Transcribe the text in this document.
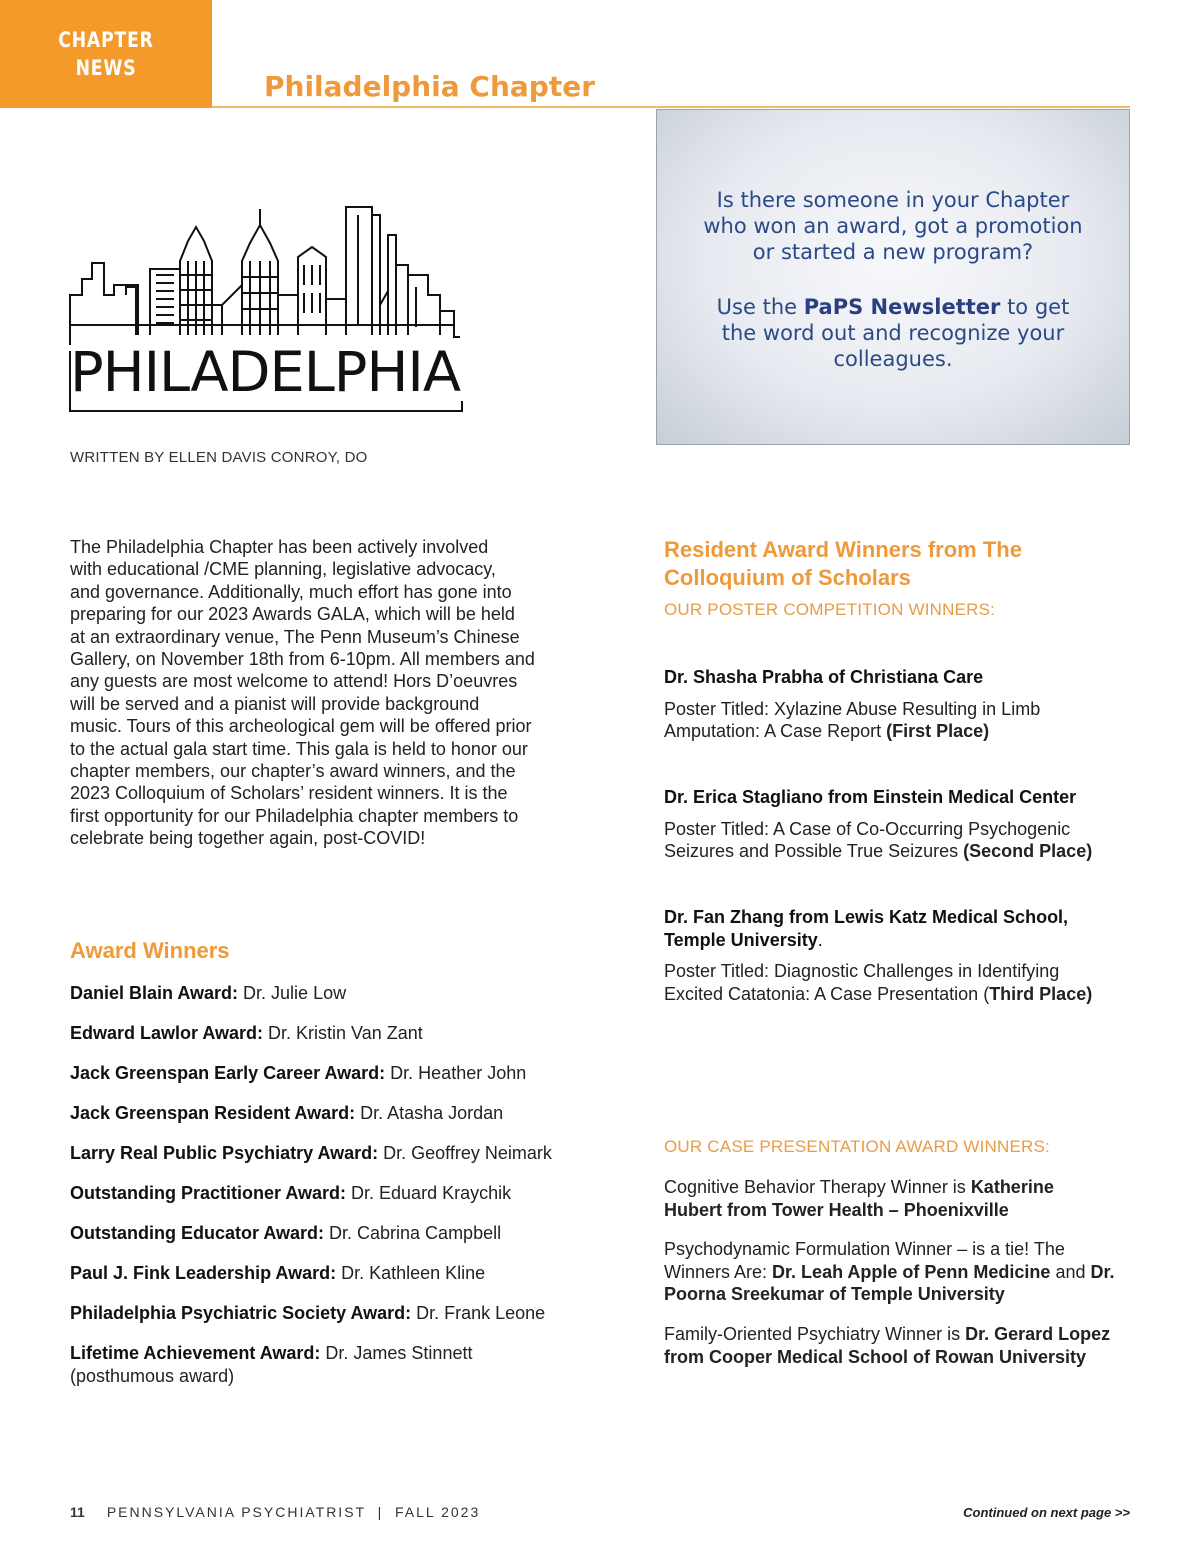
CHAPTER
NEWS
Philadelphia Chapter
PHILADELPHIA
Is there someone in your Chapter
who won an award, got a promotion
or started a new program?
Use the PaPS Newsletter to get
the word out and recognize your
colleagues.
WRITTEN BY ELLEN DAVIS CONROY, DO
The Philadelphia Chapter has been actively involved
with educational /CME planning, legislative advocacy,
and governance. Additionally, much effort has gone into
preparing for our 2023 Awards GALA, which will be held
at an extraordinary venue, The Penn Museum’s Chinese
Gallery, on November 18th from 6-10pm. All members and
any guests are most welcome to attend! Hors D’oeuvres
will be served and a pianist will provide background
music. Tours of this archeological gem will be offered prior
to the actual gala start time. This gala is held to honor our
chapter members, our chapter’s award winners, and the
2023 Colloquium of Scholars’ resident winners. It is the
first opportunity for our Philadelphia chapter members to
celebrate being together again, post-COVID!
Award Winners
Daniel Blain Award: Dr. Julie Low
Edward Lawlor Award: Dr. Kristin Van Zant
Jack Greenspan Early Career Award: Dr. Heather John
Jack Greenspan Resident Award: Dr. Atasha Jordan
Larry Real Public Psychiatry Award: Dr. Geoffrey Neimark
Outstanding Practitioner Award: Dr. Eduard Kraychik
Outstanding Educator Award: Dr. Cabrina Campbell
Paul J. Fink Leadership Award: Dr. Kathleen Kline
Philadelphia Psychiatric Society Award: Dr. Frank Leone
Lifetime Achievement Award: Dr. James Stinnett
(posthumous award)
Resident Award Winners from The
Colloquium of Scholars
OUR POSTER COMPETITION WINNERS:
Dr. Shasha Prabha of Christiana Care
Poster Titled: Xylazine Abuse Resulting in Limb
Amputation: A Case Report (First Place)
Dr. Erica Stagliano from Einstein Medical Center
Poster Titled: A Case of Co-Occurring Psychogenic
Seizures and Possible True Seizures (Second Place)
Dr. Fan Zhang from Lewis Katz Medical School,
Temple University.
Poster Titled: Diagnostic Challenges in Identifying
Excited Catatonia: A Case Presentation (Third Place)
OUR CASE PRESENTATION AWARD WINNERS:
Cognitive Behavior Therapy Winner is Katherine
Hubert from Tower Health – Phoenixville
Psychodynamic Formulation Winner – is a tie! The
Winners Are: Dr. Leah Apple of Penn Medicine and Dr.
Poorna Sreekumar of Temple University
Family-Oriented Psychiatry Winner is Dr. Gerard Lopez
from Cooper Medical School of Rowan University
11 PENNSYLVANIA PSYCHIATRIST  |  FALL 2023	Continued on next page >>
